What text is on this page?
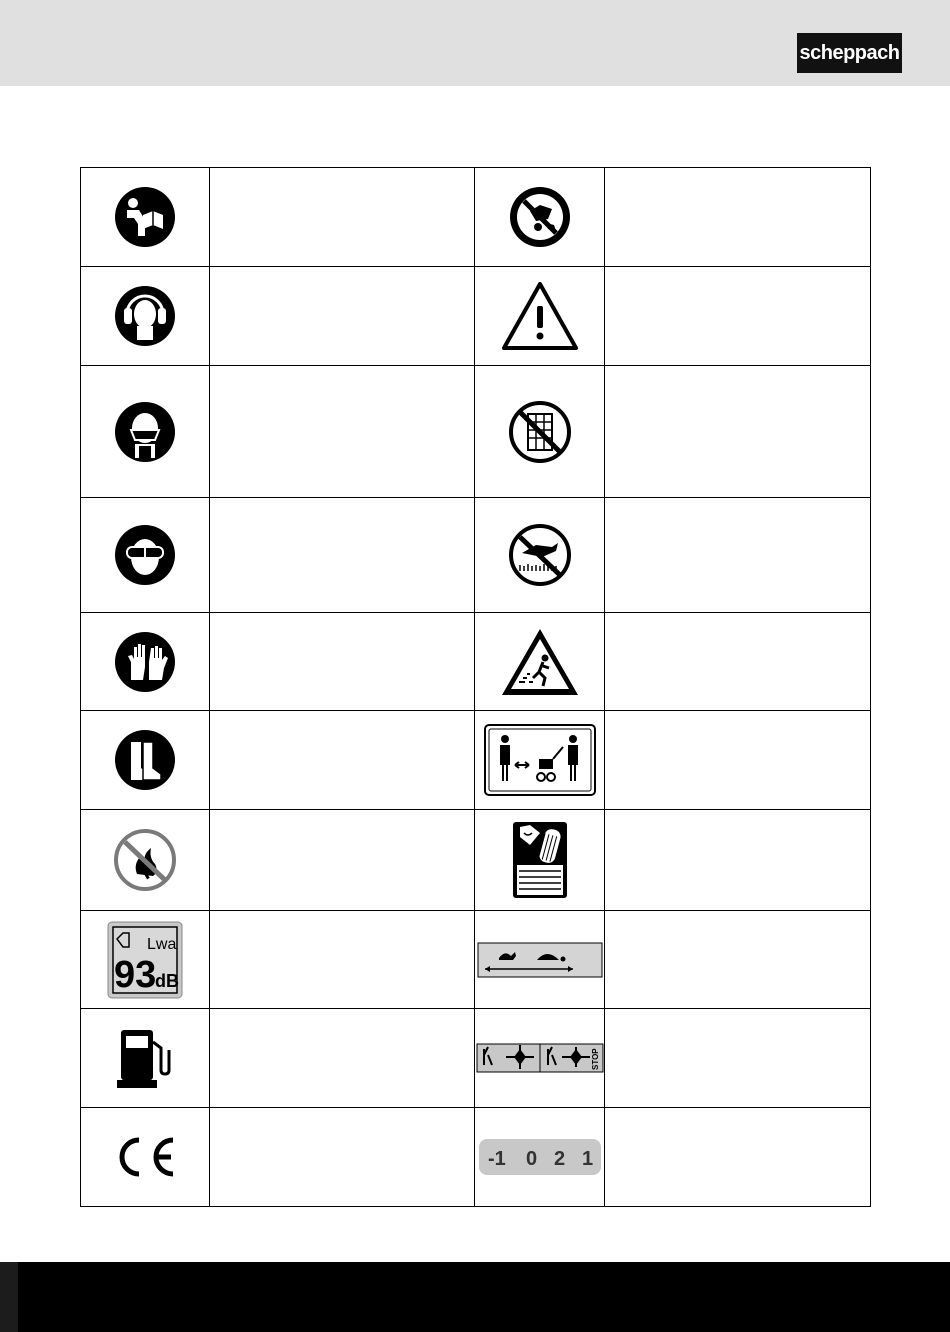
scheppach

Lwa
93
dB

STOP	

-1 0 2 1	
